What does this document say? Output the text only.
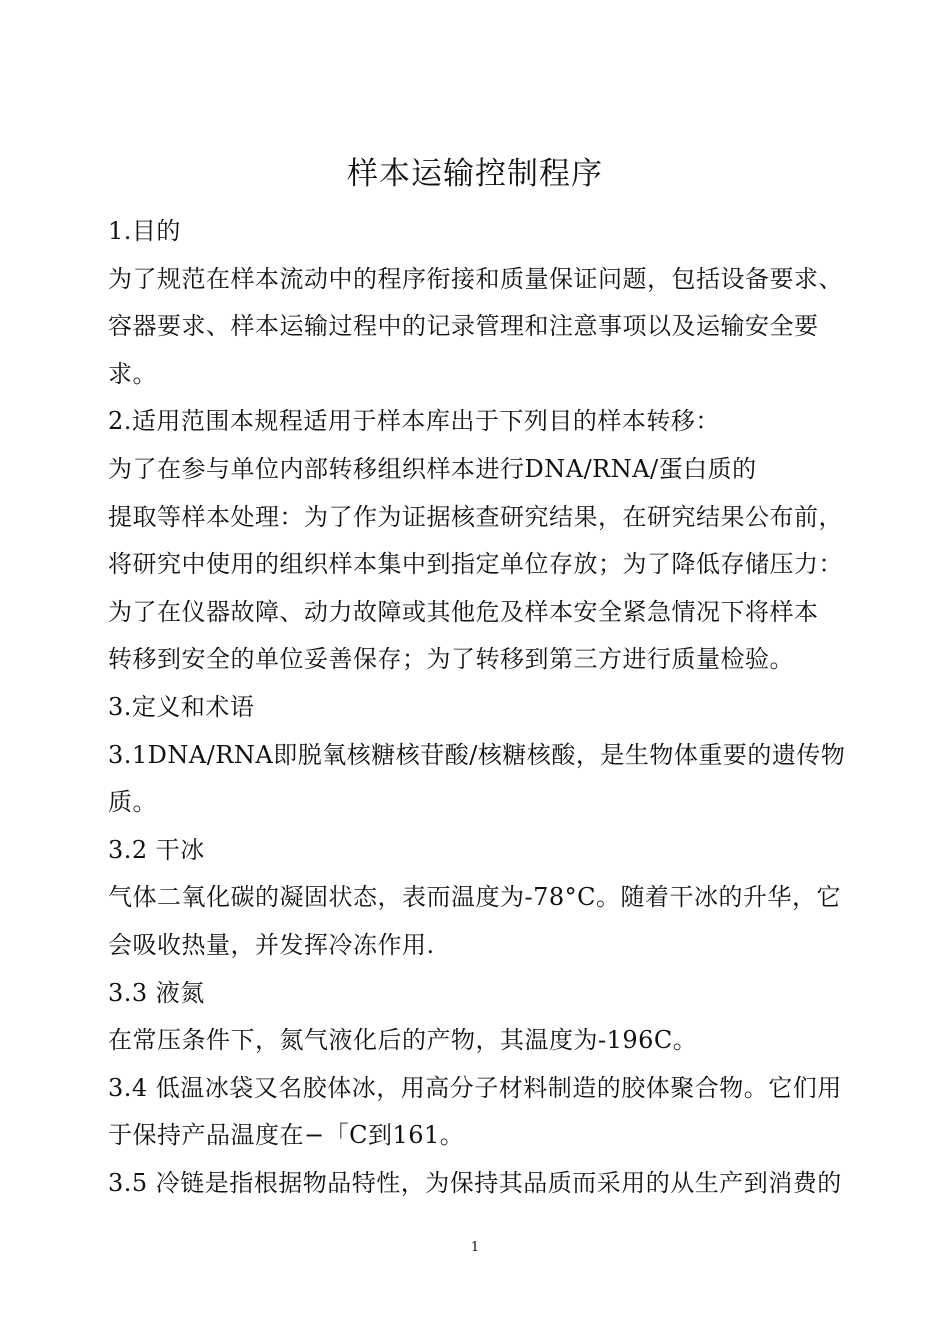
样本运输控制程序
1.目的
为了规范在样本流动中的程序衔接和质量保证问题，包括设备要求、
容器要求、样本运输过程中的记录管理和注意事项以及运输安全要
求。
2.适用范围本规程适用于样本库出于下列目的样本转移：
为了在参与单位内部转移组织样本进行DNA/RNA/蛋白质的
提取等样本处理：为了作为证据核查研究结果，在研究结果公布前，
将研究中使用的组织样本集中到指定单位存放；为了降低存储压力：
为了在仪器故障、动力故障或其他危及样本安全紧急情况下将样本
转移到安全的单位妥善保存；为了转移到第三方进行质量检验。
3.定义和术语
3.1DNA/RNA即脱氧核糖核苷酸/核糖核酸，是生物体重要的遗传物
质。
3.2 干冰
气体二氧化碳的凝固状态，表而温度为-78°C。随着干冰的升华，它
会吸收热量，并发挥冷冻作用.
3.3 液氮
在常压条件下，氮气液化后的产物，其温度为-196C。
3.4 低温冰袋又名胶体冰，用高分子材料制造的胶体聚合物。它们用
于保持产品温度在−「C到161。
3.5 冷链是指根据物品特性，为保持其品质而采用的从生产到消费的
1
